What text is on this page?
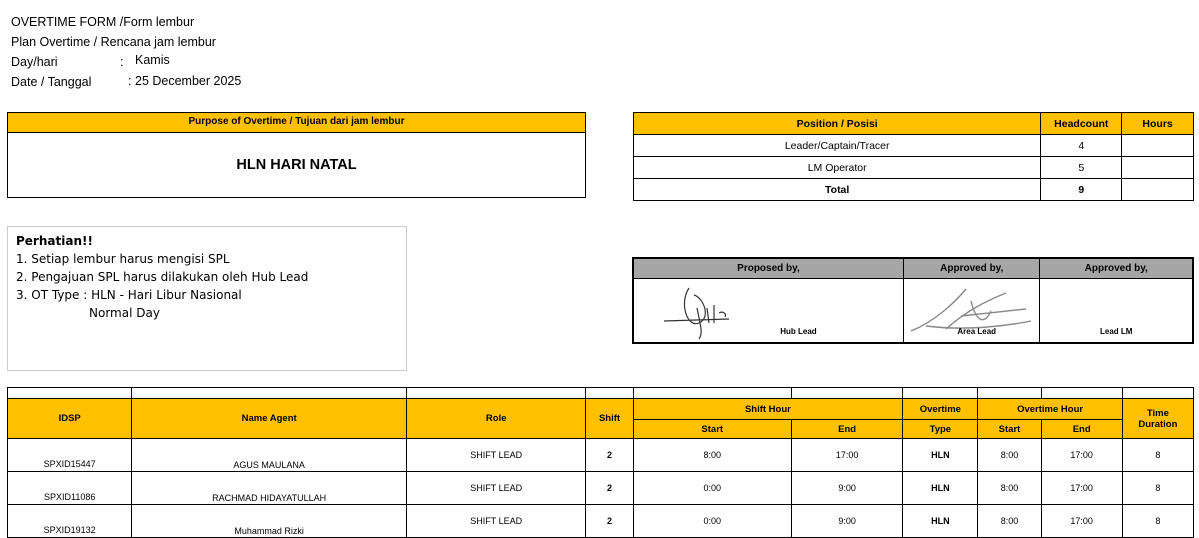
OVERTIME FORM /Form lembur
Plan Overtime / Rencana jam lembur
Day/hari	: Kamis
Date / Tanggal	: 25 December 2025
Purpose of Overtime / Tujuan dari jam lembur
HLN HARI NATAL
Position / Posisi	Headcount	Hours
Leader/Captain/Tracer	4	
LM Operator	5	
Total	9	
Perhatian!!
1. Setiap lembur harus mengisi SPL
2. Pengajuan SPL harus dilakukan oleh Hub Lead
3. OT Type : HLN - Hari Libur Nasional
Normal Day
Proposed by,	Approved by,	Approved by,

Hub Lead	Area Lead	Lead LM

IDSP	Name Agent	Role	Shift	Shift Hour		Overtime	Overtime Hour		Time
Duration

				Start	End	Type	Start	End	
SPXID15447	AGUS MAULANA	SHIFT LEAD	2	8:00	17:00	HLN	8:00	17:00	8
SPXID11086	RACHMAD HIDAYATULLAH	SHIFT LEAD	2	0:00	9:00	HLN	8:00	17:00	8
SPXID19132	Muhammad Rizki	SHIFT LEAD	2	0:00	9:00	HLN	8:00	17:00	8
